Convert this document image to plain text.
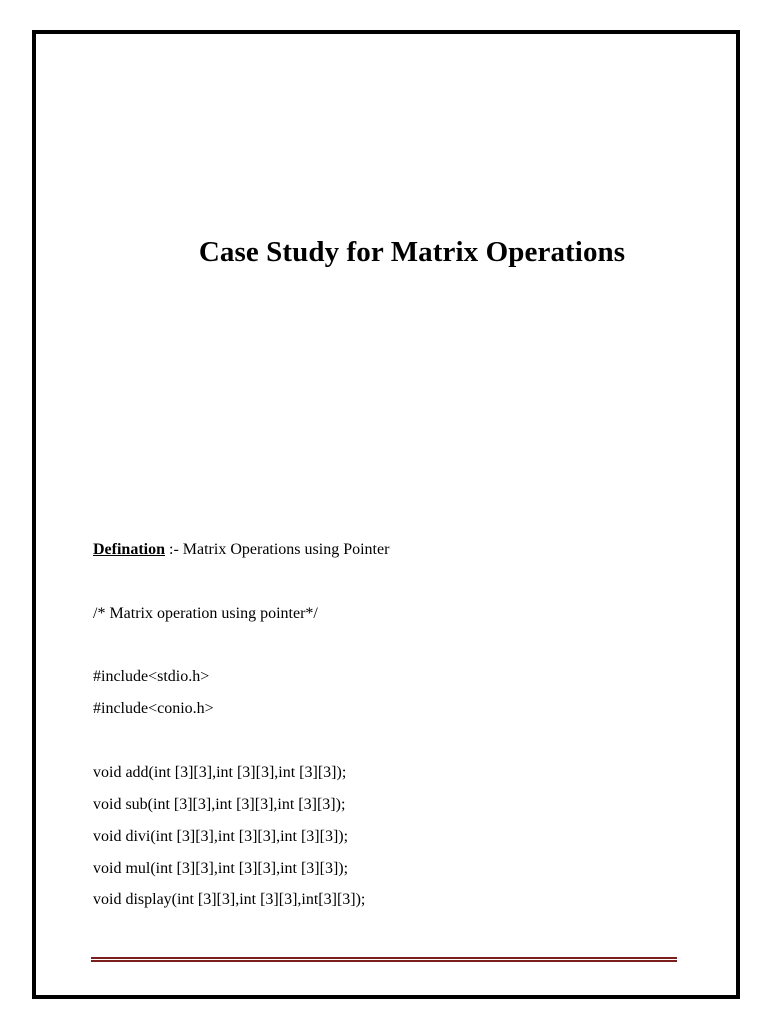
Case Study for Matrix Operations
Defination :- Matrix Operations using Pointer
/* Matrix operation using pointer*/
#include<stdio.h>
#include<conio.h>
void add(int [3][3],int [3][3],int [3][3]);
void sub(int [3][3],int [3][3],int [3][3]);
void divi(int [3][3],int [3][3],int [3][3]);
void mul(int [3][3],int [3][3],int [3][3]);
void display(int [3][3],int [3][3],int[3][3]);
